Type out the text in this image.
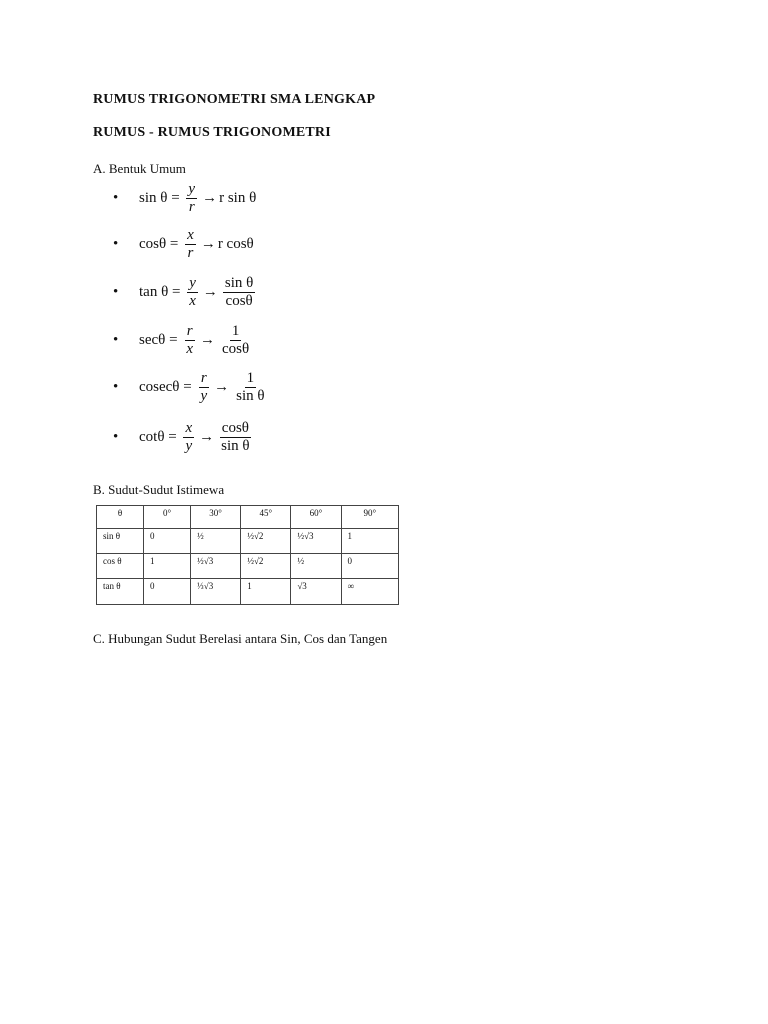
RUMUS TRIGONOMETRI SMA LENGKAP
RUMUS - RUMUS TRIGONOMETRI
A. Bentuk Umum
•	$\sin \theta = \frac{y}{r} \to r$ sin θ
•	$\cos\theta = \frac{x}{r} \to r$ cosθ
•	$\tan \theta = \frac{y}{x} \to \frac{\text{sin θ}}{\cos\theta}$
•	$\sec\theta = \frac{r}{x} \to \frac{1}{\cos\theta}$
•	$cosec\theta = \frac{r}{y} \to \frac{1}{\text{sin θ}}$
•	$\cot\theta = \frac{x}{y} \to \frac{\cos\theta}{\text{sin θ}}$
B. Sudut-Sudut Istimewa
θ	0°	30°	45°	60°	90°
sin θ	0	½	½√2	½√3	1
cos θ	1	½√3	½√2	½	0
tan θ	0	⅓√3	1	√3	∞
C. Hubungan Sudut Berelasi antara Sin, Cos dan Tangen
